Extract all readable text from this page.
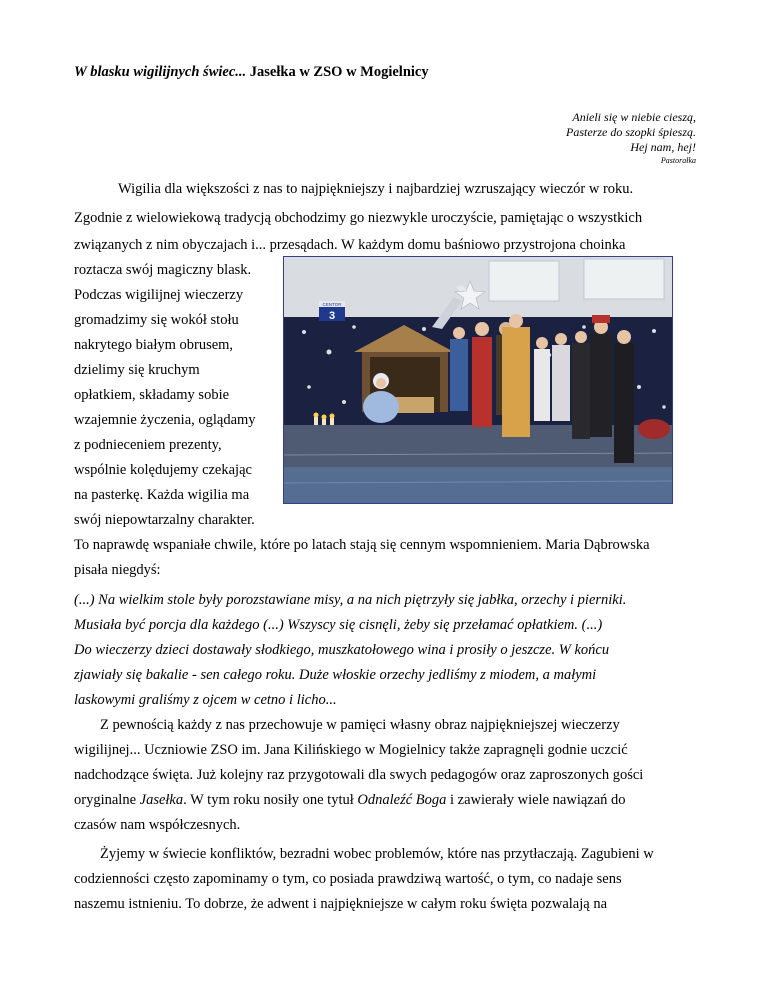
W blasku wigilijnych świec... Jasełka w ZSO w Mogielnicy
Anieli się w niebie cieszą,
Pasterze do szopki śpieszą.
Hej nam, hej!
Pastorałka
Wigilia dla większości z nas to najpiękniejszy i najbardziej wzruszający wieczór w roku.
Zgodnie z wielowiekową tradycją obchodzimy go niezwykle uroczyście, pamiętając o wszystkich
związanych z nim obyczajach i... przesądach. W każdym domu baśniowo przystrojona choinka
roztacza swój magiczny blask.
Podczas wigilijnej wieczerzy
gromadzimy się wokół stołu
nakrytego białym obrusem,
dzielimy się kruchym
opłatkiem, składamy sobie
wzajemnie życzenia, oglądamy
z podnieceniem prezenty,
wspólnie kolędujemy czekając
na pasterkę. Każda wigilia ma
swój niepowtarzalny charakter.
To naprawdę wspaniałe chwile, które po latach stają się cennym wspomnieniem. Maria Dąbrowska
pisała niegdyś:
CENTOR
3
(...) Na wielkim stole były porozstawiane misy, a na nich piętrzyły się jabłka, orzechy i pierniki.
Musiała być porcja dla każdego (...) Wszyscy się cisnęli, żeby się przełamać opłatkiem. (...)
Do wieczerzy dzieci dostawały słodkiego, muszkatołowego wina i prosiły o jeszcze. W końcu
zjawiały się bakalie - sen całego roku. Duże włoskie orzechy jedliśmy z miodem, a małymi
laskowymi graliśmy z ojcem w cetno i licho...
Z pewnością każdy z nas przechowuje w pamięci własny obraz najpiękniejszej wieczerzy
wigilijnej... Uczniowie ZSO im. Jana Kilińskiego w Mogielnicy także zapragnęli godnie uczcić
nadchodzące święta. Już kolejny raz przygotowali dla swych pedagogów oraz zaproszonych gości
oryginalne Jasełka. W tym roku nosiły one tytuł Odnaleźć Boga i zawierały wiele nawiązań do
czasów nam współczesnych.
Żyjemy w świecie konfliktów, bezradni wobec problemów, które nas przytłaczają. Zagubieni w
codzienności często zapominamy o tym, co posiada prawdziwą wartość, o tym, co nadaje sens
naszemu istnieniu. To dobrze, że adwent i najpiękniejsze w całym roku święta pozwalają na
